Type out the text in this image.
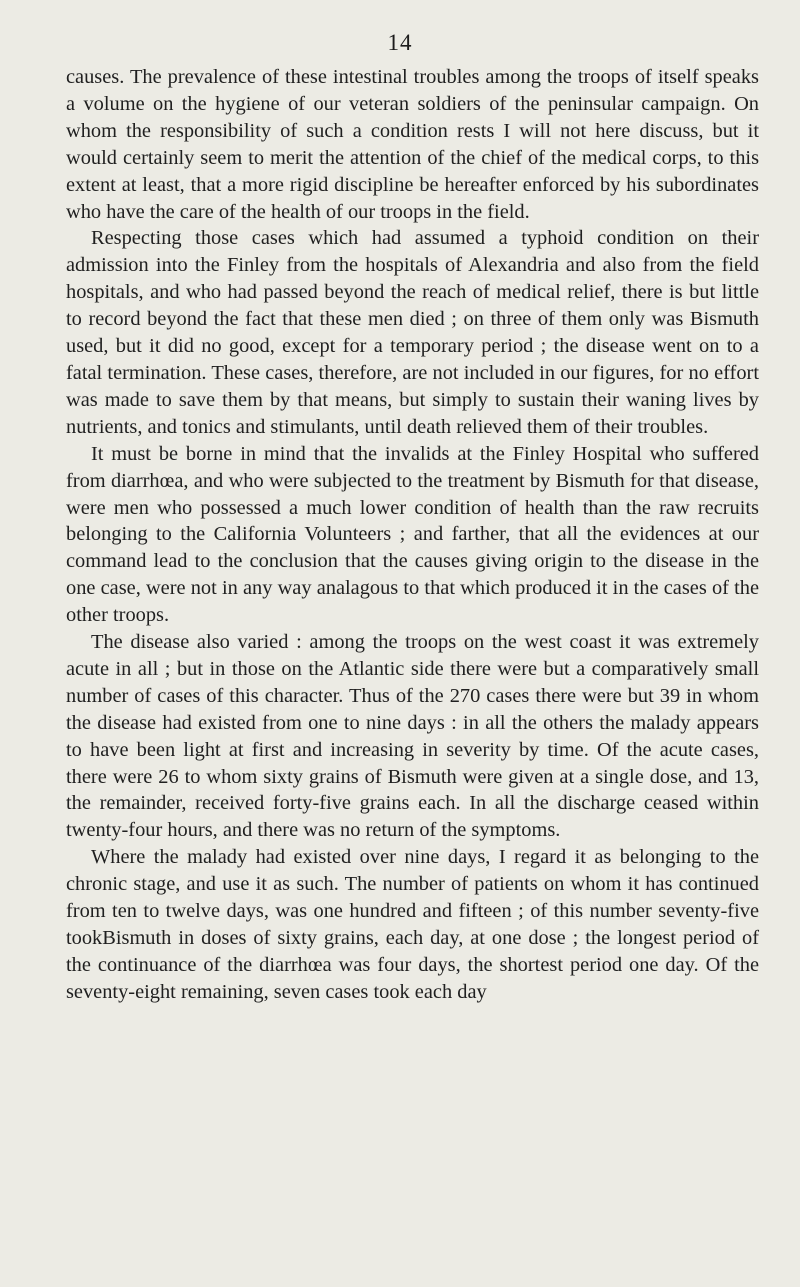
14

causes. The prevalence of these intestinal troubles among the troops of itself speaks a volume on the hygiene of our veteran soldiers of the peninsular campaign. On whom the responsibility of such a condition rests I will not here discuss, but it would certainly seem to merit the attention of the chief of the medical corps, to this extent at least, that a more rigid discipline be hereafter enforced by his subordinates who have the care of the health of our troops in the field.

Respecting those cases which had assumed a typhoid condition on their admission into the Finley from the hospitals of Alexandria and also from the field hospitals, and who had passed beyond the reach of medical relief, there is but little to record beyond the fact that these men died ; on three of them only was Bismuth used, but it did no good, except for a temporary period ; the disease went on to a fatal termination. These cases, therefore, are not included in our figures, for no effort was made to save them by that means, but simply to sustain their waning lives by nutrients, and tonics and stimulants, until death relieved them of their troubles.

It must be borne in mind that the invalids at the Finley Hospital who suffered from diarrhœa, and who were subjected to the treatment by Bismuth for that disease, were men who possessed a much lower condition of health than the raw recruits belonging to the California Volunteers ; and farther, that all the evidences at our command lead to the conclusion that the causes giving origin to the disease in the one case, were not in any way analagous to that which produced it in the cases of the other troops.

The disease also varied : among the troops on the west coast it was extremely acute in all ; but in those on the Atlantic side there were but a comparatively small number of cases of this character. Thus of the 270 cases there were but 39 in whom the disease had existed from one to nine days : in all the others the malady appears to have been light at first and increasing in severity by time. Of the acute cases, there were 26 to whom sixty grains of Bismuth were given at a single dose, and 13, the remainder, received forty-five grains each. In all the discharge ceased within twenty-four hours, and there was no return of the symptoms.

Where the malady had existed over nine days, I regard it as belonging to the chronic stage, and use it as such. The number of patients on whom it has continued from ten to twelve days, was one hundred and fifteen ; of this number seventy-five tookBismuth in doses of sixty grains, each day, at one dose ; the longest period of the continuance of the diarrhœa was four days, the shortest period one day. Of the seventy-eight remaining, seven cases took each day
